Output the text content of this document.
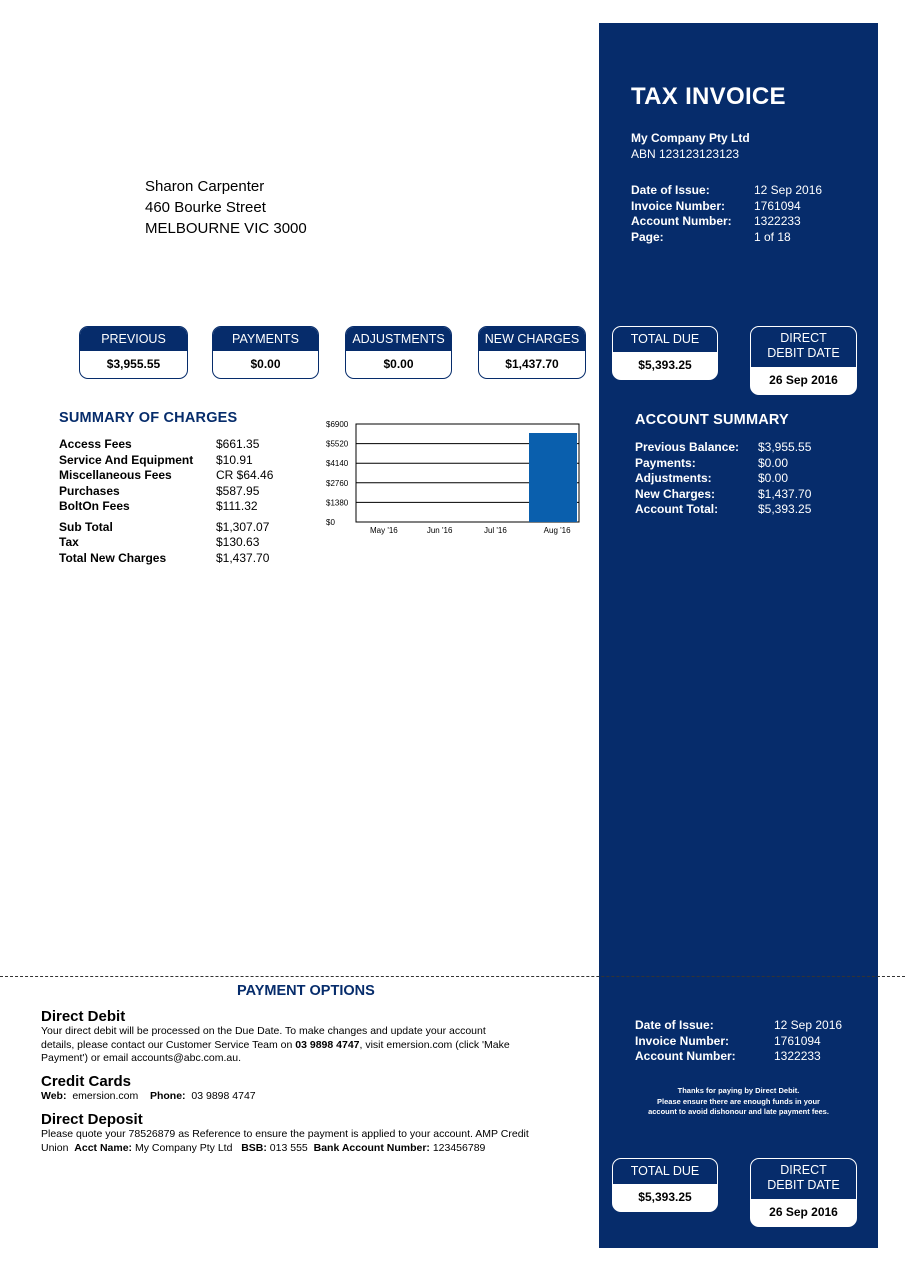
TAX INVOICE
My Company Pty Ltd
ABN 123123123123
Date of Issue:	12 Sep 2016
Invoice Number: 1761094
Account Number: 1322233
Page:	1 of 18
Sharon Carpenter
460 Bourke Street
MELBOURNE VIC 3000
PREVIOUS
$3,955.55
PAYMENTS
$0.00
ADJUSTMENTS
$0.00
NEW CHARGES
$1,437.70
TOTAL DUE
$5,393.25
DIRECT
DEBIT DATE
26 Sep 2016
SUMMARY OF CHARGES
Access Fees	$661.35
Service And Equipment	$10.91
Miscellaneous Fees	CR $64.46
Purchases	$587.95
BoltOn Fees	$111.32

Sub Total	$1,307.07
Tax	$130.63
Total New Charges	$1,437.70
$0
$1380
$2760
$4140
$5520
$6900
May '16	Jun '16	Jul '16	Aug '16
ACCOUNT SUMMARY
Previous Balance: $3,955.55
Payments:	$0.00
Adjustments:	$0.00
New Charges:	$1,437.70
Account Total:	$5,393.25
PAYMENT OPTIONS
Direct Debit
Your direct debit will be processed on the Due Date. To make changes and update your account
details, please contact our Customer Service Team on 03 9898 4747, visit emersion.com (click 'Make
Payment') or email accounts@abc.com.au.
Credit Cards
Web: emersion.com Phone: 03 9898 4747
Direct Deposit
Please quote your 78526879 as Reference to ensure the payment is applied to your account. AMP Credit
Union Acct Name: My Company Pty Ltd BSB: 013 555 Bank Account Number: 123456789
Date of Issue:	12 Sep 2016
Invoice Number:	1761094
Account Number:	1322233
Thanks for paying by Direct Debit.
Please ensure there are enough funds in your
account to avoid dishonour and late payment fees.
TOTAL DUE
$5,393.25
DIRECT
DEBIT DATE
26 Sep 2016
